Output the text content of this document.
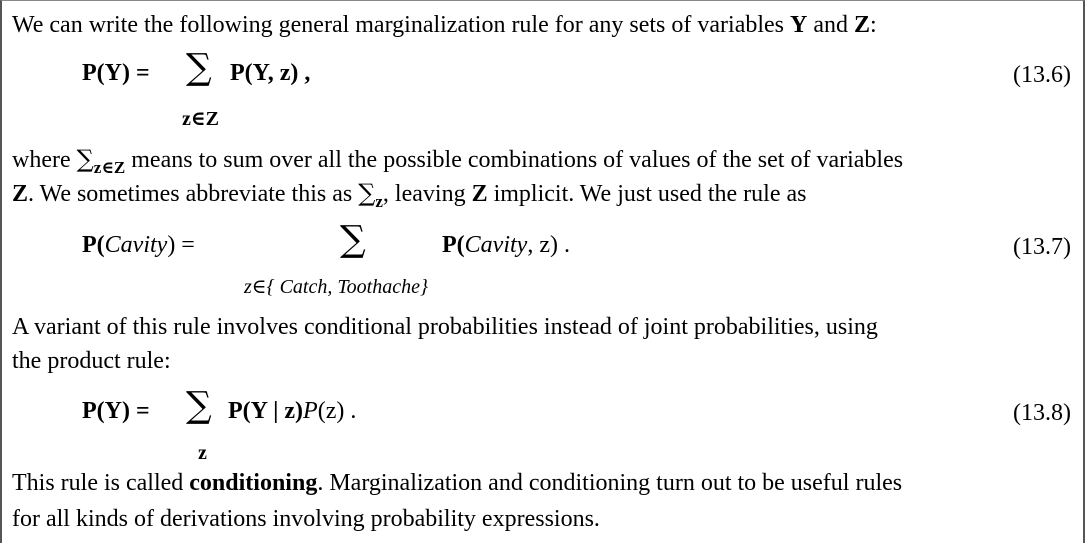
We can write the following general marginalization rule for any sets of variables Y and Z:
P(Y) = ∑ P(Y, z) ,
z∈Z
(13.6)
where $\sum_{z\in Z}$ means to sum over all the possible combinations of values of the set of variables
Z. We sometimes abbreviate this as $\sum_z$, leaving Z implicit. We just used the rule as
P(Cavity) =	∑	P(Cavity, z) .
z∈{ Catch, Toothache}
(13.7)
A variant of this rule involves conditional probabilities instead of joint probabilities, using
the product rule:
P(Y) = ∑ P(Y | z)P(z) .
z
(13.8)
This rule is called conditioning. Marginalization and conditioning turn out to be useful rules
for all kinds of derivations involving probability expressions.
